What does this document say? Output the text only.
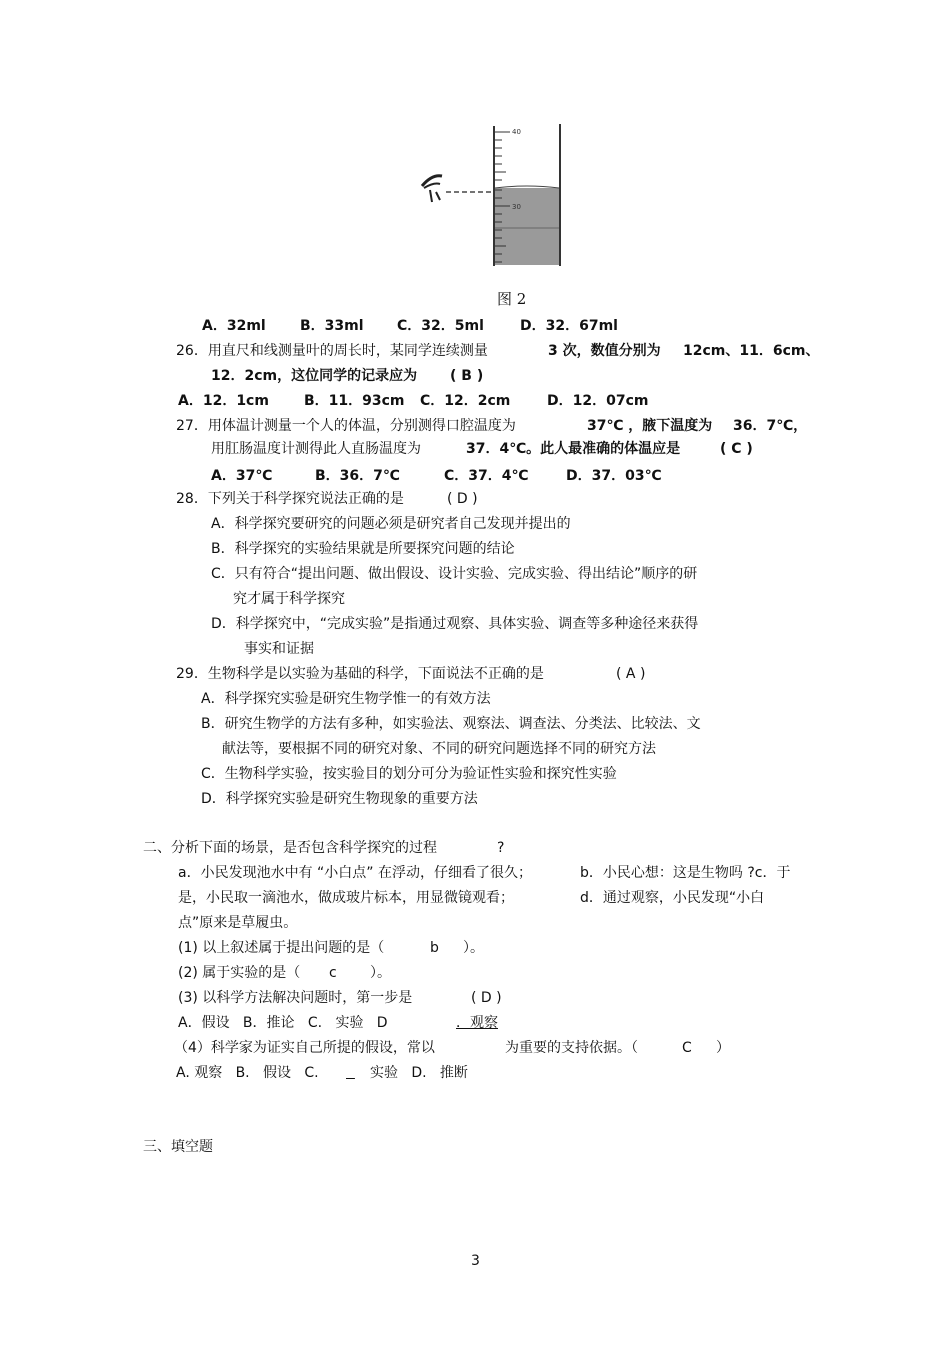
40
30
图 2
A．32ml B．33ml C．32．5ml	D．32．67ml
26．用直尺和线测量叶的周长时，某同学连续测量	3 次，数值分别为 12cm、11．6cm、
12．2cm，这位同学的记录应为 ( B )
A．12．1cm	B．11．93cm C．12．2cm	D．12．07cm
27．用体温计测量一个人的体温，分别测得口腔温度为	37℃ ，腋下温度为 36．7℃，
用肛肠温度计测得此人直肠温度为	37．4℃。此人最准确的体温应是	( C )
A．37℃	B．36．7℃	C．37．4℃	D．37．03℃
28．下列关于科学探究说法正确的是	( D )
A．科学探究要研究的问题必须是研究者自己发现并提出的
B．科学探究的实验结果就是所要探究问题的结论
C．只有符合“提出问题、做出假设、设计实验、完成实验、得出结论”顺序的研
究才属于科学探究
D．科学探究中，“完成实验”是指通过观察、具体实验、调查等多种途径来获得
事实和证据
29．生物科学是以实验为基础的科学，下面说法不正确的是	( A )
A．科学探究实验是研究生物学惟一的有效方法
B．研究生物学的方法有多种，如实验法、观察法、调查法、分类法、比较法、文
献法等，要根据不同的研究对象、不同的研究问题选择不同的研究方法
C．生物科学实验，按实验目的划分可分为验证性实验和探究性实验
D．科学探究实验是研究生物现象的重要方法
二、分析下面的场景，是否包含科学探究的过程	?
a．小民发现池水中有 “小白点” 在浮动，仔细看了很久；	b．小民心想：这是生物吗 ?c．于
是，小民取一滴池水，做成玻片标本，用显微镜观看；	d．通过观察，小民发现“小白
点”原来是草履虫。
(1) 以上叙述属于提出问题的是（	b ）。
(2) 属于实验的是（ c ）。
(3) 以科学方法解决问题时，第一步是	( D )
A．假设   B．推论   C.   实验   D	．观察
（4）科学家为证实自己所提的假设，常以	为重要的支持依据。（	C ）
A. 观察   B.   假设   C.
	实验   D.   推断
三、填空题
3
